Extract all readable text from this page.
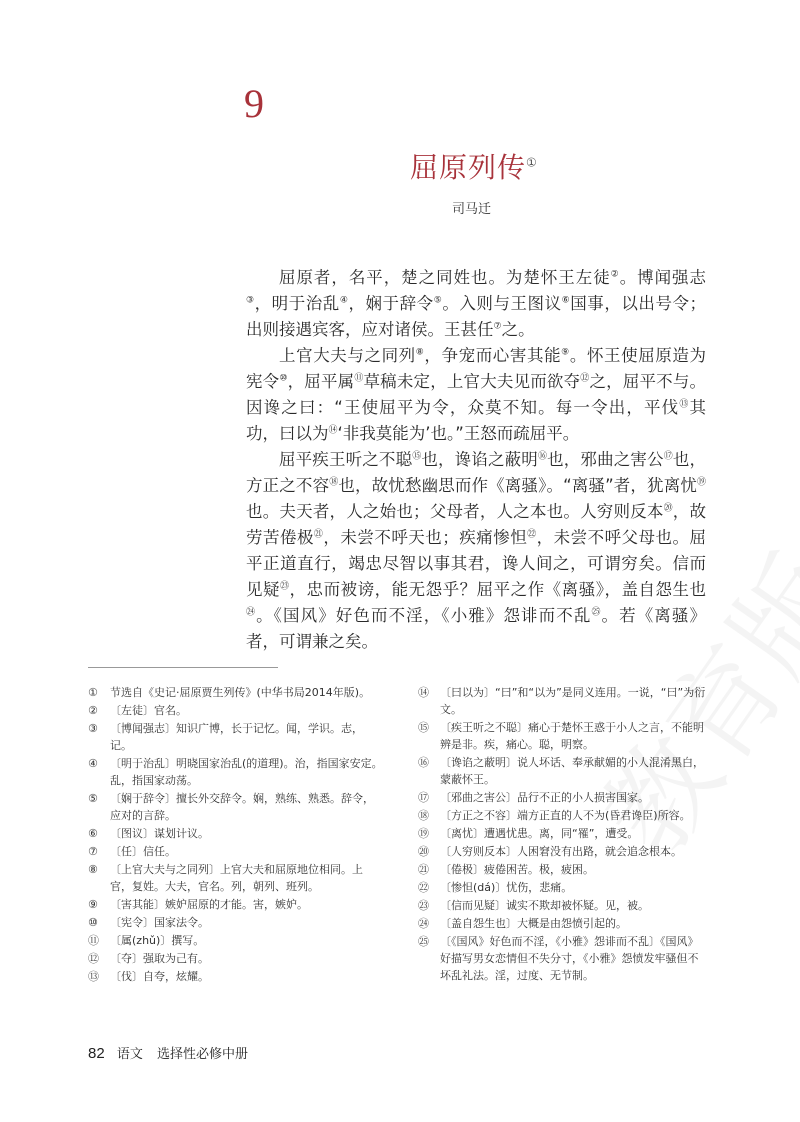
9
屈原列传①
司马迁

屈原者，名平，楚之同姓也。为楚怀王左徒②。博闻强志③，明于治乱④，娴于辞令⑤。入则与王图议⑥国事，以出号令；出则接遇宾客，应对诸侯。王甚任⑦之。

上官大夫与之同列⑧，争宠而心害其能⑨。怀王使屈原造为宪令⑩，屈平属⑪草稿未定，上官大夫见而欲夺⑫之，屈平不与。因谗之曰：“王使屈平为令，众莫不知。每一令出，平伐⑬其功，曰以为⑭‘非我莫能为’也。”王怒而疏屈平。

屈平疾王听之不聪⑮也，谗谄之蔽明⑯也，邪曲之害公⑰也，方正之不容⑱也，故忧愁幽思而作《离骚》。“离骚”者，犹离忧⑲也。夫天者，人之始也；父母者，人之本也。人穷则反本⑳，故劳苦倦极$^㉑$，未尝不呼天也；疾痛惨怛$^㉒$，未尝不呼父母也。屈平正道直行，竭忠尽智以事其君，谗人间之，可谓穷矣。信而见疑$^㉓$，忠而被谤，能无怨乎？屈平之作《离骚》，盖自怨生也$^㉔$。《国风》好色而不淫，《小雅》怨诽而不乱$^㉕$。若《离骚》者，可谓兼之矣。

① 节选自《史记·屈原贾生列传》(中华书局2014年版)。
② 〔左徒〕官名。
③ 〔博闻强志〕知识广博，长于记忆。闻，学识。志，记。
④ 〔明于治乱〕明晓国家治乱(的道理)。治，指国家安定。乱，指国家动荡。
⑤ 〔娴于辞令〕擅长外交辞令。娴，熟练、熟悉。辞令，应对的言辞。
⑥ 〔图议〕谋划计议。
⑦ 〔任〕信任。
⑧ 〔上官大夫与之同列〕上官大夫和屈原地位相同。上官，复姓。大夫，官名。列，朝列、班列。
⑨ 〔害其能〕嫉妒屈原的才能。害，嫉妒。
⑩ 〔宪令〕国家法令。
⑪ 〔属(zhǔ)〕撰写。
⑫ 〔夺〕强取为己有。
⑬ 〔伐〕自夸，炫耀。
⑭ 〔曰以为〕“曰”和“以为”是同义连用。一说，“曰”为衍文。
⑮ 〔疾王听之不聪〕痛心于楚怀王惑于小人之言，不能明辨是非。疾，痛心。聪，明察。
⑯ 〔谗谄之蔽明〕说人坏话、奉承献媚的小人混淆黑白，蒙蔽怀王。
⑰ 〔邪曲之害公〕品行不正的小人损害国家。
⑱ 〔方正之不容〕端方正直的人不为(昏君谗臣)所容。
⑲ 〔离忧〕遭遇忧患。离，同“罹”，遭受。
⑳ 〔人穷则反本〕人困窘没有出路，就会追念根本。
㉑ 〔倦极〕疲倦困苦。极，疲困。
㉒ 〔惨怛(dá)〕忧伤，悲痛。
㉓ 〔信而见疑〕诚实不欺却被怀疑。见，被。
㉔ 〔盖自怨生也〕大概是由怨愤引起的。
㉕ 〔《国风》好色而不淫，《小雅》怨诽而不乱〕《国风》好描写男女恋情但不失分寸，《小雅》怨愤发牢骚但不坏乱礼法。淫，过度、无节制。
82 语文 选择性必修中册
